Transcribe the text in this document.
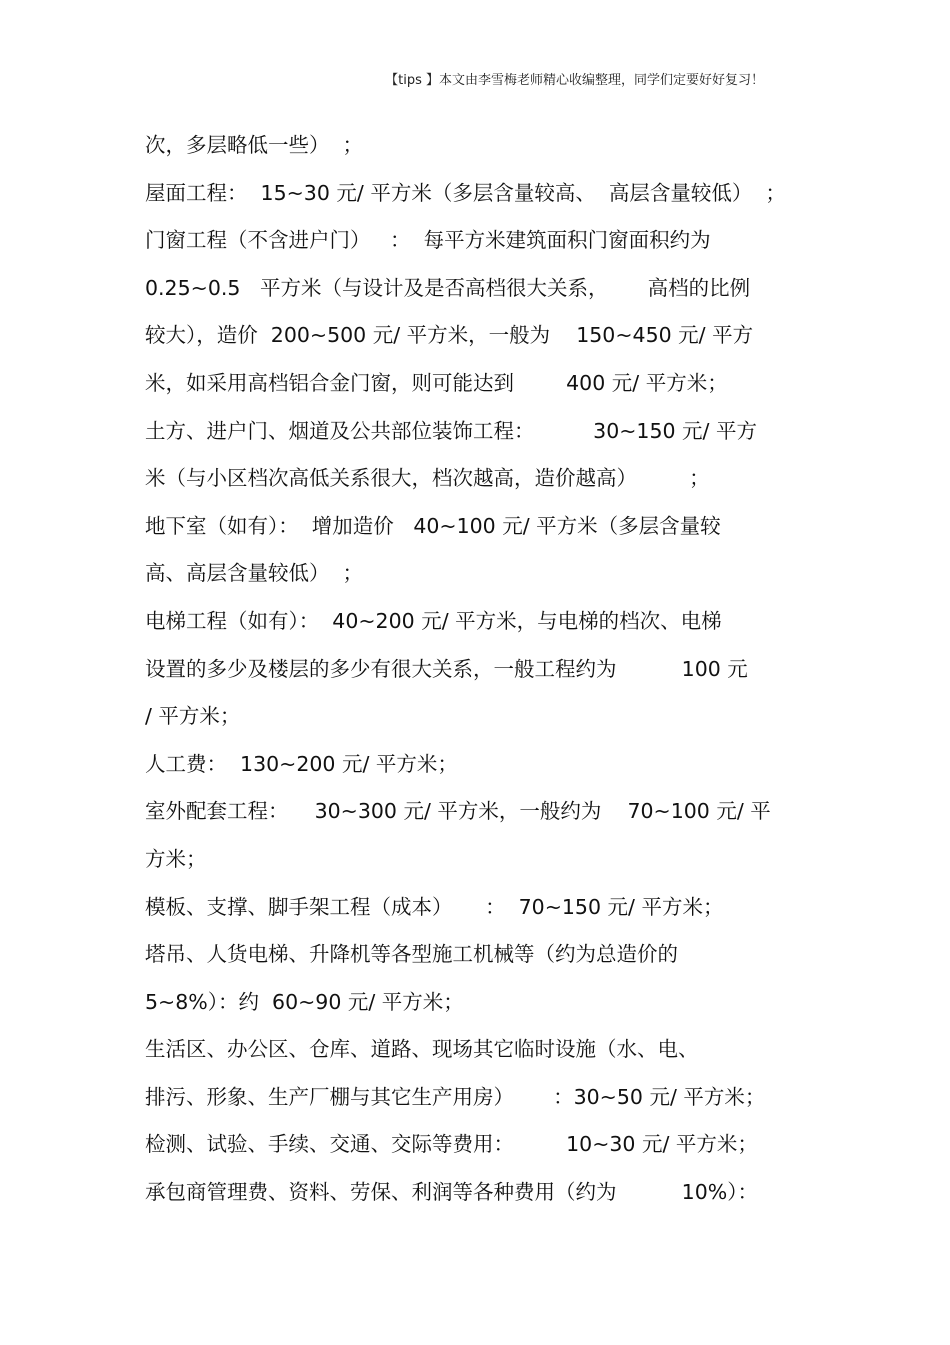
【tips 】本文由李雪梅老师精心收编整理，同学们定要好好复习！
次，多层略低一些）  ；
屋面工程：  15~30 元/ 平方米（多层含量较高、  高层含量较低）  ；
门窗工程（不含进户门）   ：  每平方米建筑面积门窗面积约为
0.25~0.5   平方米（与设计及是否高档很大关系，      高档的比例
较大），造价  200~500 元/ 平方米，一般为    150~450 元/ 平方
米，如采用高档铝合金门窗，则可能达到        400 元/ 平方米；
土方、进户门、烟道及公共部位装饰工程：         30~150 元/ 平方
米（与小区档次高低关系很大，档次越高，造价越高）        ；
地下室（如有）：  增加造价   40~100 元/ 平方米（多层含量较
高、高层含量较低）  ；
电梯工程（如有）：  40~200 元/ 平方米，与电梯的档次、电梯
设置的多少及楼层的多少有很大关系，一般工程约为          100 元
/ 平方米；
人工费：  130~200 元/ 平方米；
室外配套工程：    30~300 元/ 平方米，一般约为    70~100 元/ 平
方米；
模板、支撑、脚手架工程（成本）     ：  70~150 元/ 平方米；
塔吊、人货电梯、升降机等各型施工机械等（约为总造价的
5~8%）：约  60~90 元/ 平方米；
生活区、办公区、仓库、道路、现场其它临时设施（水、电、
排污、形象、生产厂棚与其它生产用房）      ：30~50 元/ 平方米；
检测、试验、手续、交通、交际等费用：        10~30 元/ 平方米；
承包商管理费、资料、劳保、利润等各种费用（约为          10%）：
